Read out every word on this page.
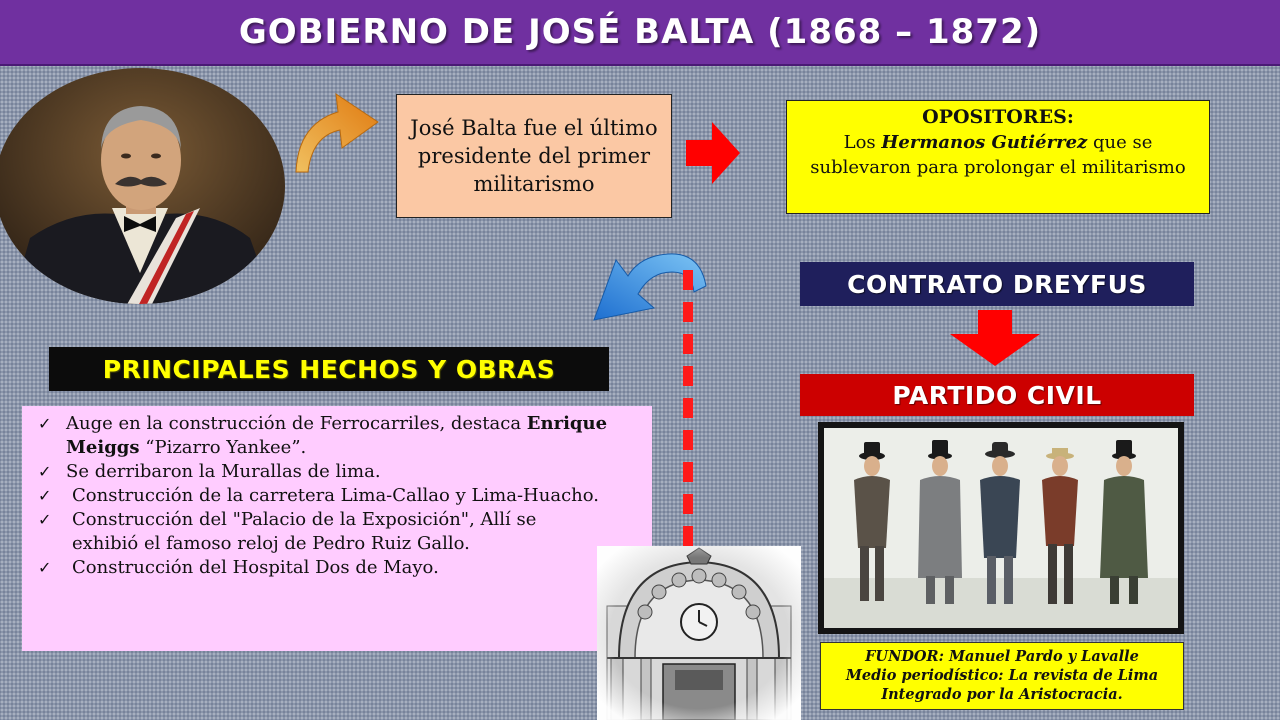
GOBIERNO DE JOSÉ BALTA (1868 – 1872)
José Balta fue el último presidente del primer militarismo
OPOSITORES:
Los Hermanos Gutiérrez que se sublevaron para prolongar el militarismo
CONTRATO DREYFUS
PRINCIPALES HECHOS Y OBRAS
PARTIDO CIVIL
✓ Auge en la construcción de Ferrocarriles, destaca Enrique Meiggs “Pizarro Yankee”.
✓ Se derribaron la Murallas de lima.
✓	Construcción de la carretera Lima-Callao y Lima-Huacho.
✓	Construcción del "Palacio de la Exposición", Allí se exhibió el famoso reloj de Pedro Ruiz Gallo.
✓	Construcción del Hospital Dos de Mayo.
FUNDOR: Manuel Pardo y Lavalle
Medio periodístico: La revista de Lima
Integrado por la Aristocracia.
